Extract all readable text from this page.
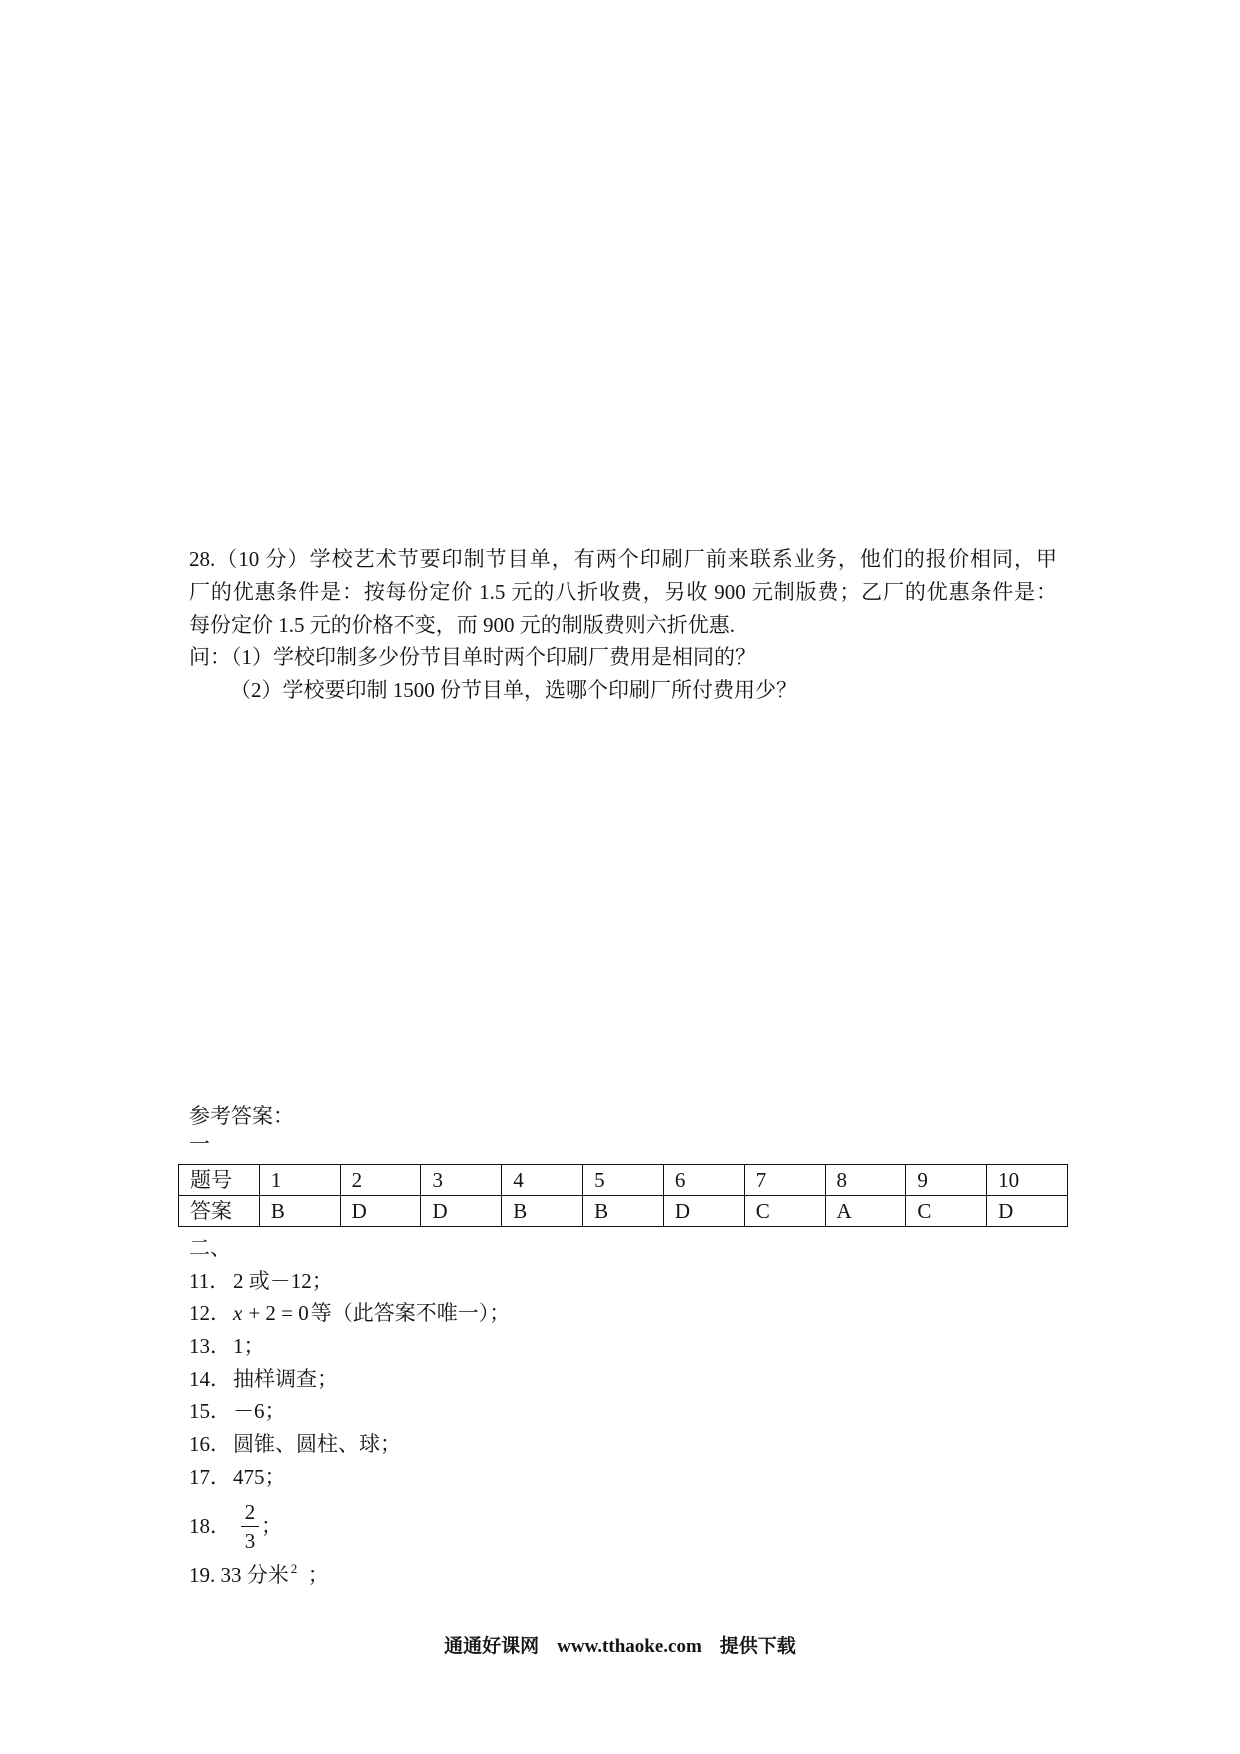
28.（10 分）学校艺术节要印制节目单，有两个印刷厂前来联系业务，他们的报价相同，甲
厂的优惠条件是：按每份定价 1.5 元的八折收费，另收 900 元制版费；乙厂的优惠条件是：
每份定价 1.5 元的价格不变，而 900 元的制版费则六折优惠.
问：（1）学校印制多少份节目单时两个印刷厂费用是相同的？
（2）学校要印制 1500 份节目单，选哪个印刷厂所付费用少？
参考答案：
一
题号	1	2	3	4	5	6	7	8	9	10
答案	B	D	D	B	B	D	C	A	C	D
二、
11． 2 或－12；
12．x + 2 = 0等（此答案不唯一）；
13．1；
14．抽样调查；
15．－6；
16．圆锥、圆柱、球；
17．475；
18． $\frac{2}{3}$ ；
19. 33 分米 $^2$  ；
通通好课网 www.tthaoke.com 提供下载
